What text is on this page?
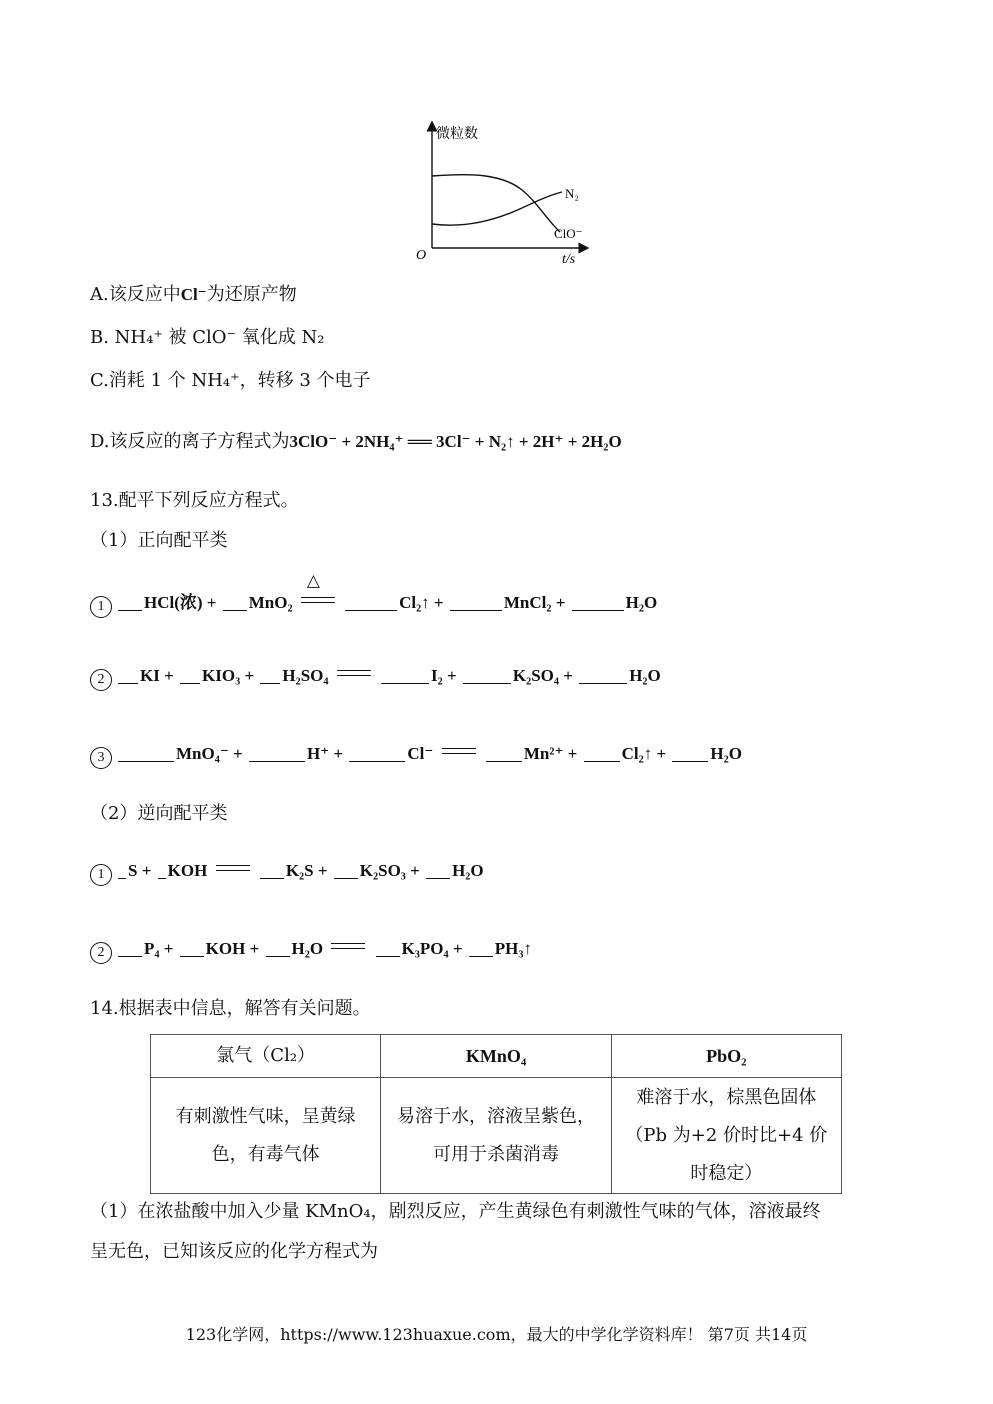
微粒数
O	t/s
N₂
ClO⁻
A.该反应中Cl⁻为还原产物
B. NH₄⁺ 被 ClO⁻ 氧化成 N₂
C.消耗 1 个 NH₄⁺，转移 3 个电子
D.该反应的离子方程式为3ClO⁻ + 2NH₄⁺ ══ 3Cl⁻ + N₂↑ + 2H⁺ + 2H₂O
13.配平下列反应方程式。
（1）正向配平类
1 HCl(浓) + MnO₂
△
Cl₂↑ +	MnCl₂ +	H₂O
2 KI + KIO₃ + H₂SO₄	I₂ +	K₂SO₄ +	H₂O
3	MnO₄⁻ +	H⁺ +	Cl⁻	Mn²⁺ +	Cl₂↑ +	H₂O
（2）逆向配平类
1 S + KOH	K₂S + K₂SO₃ + H₂O
2 P₄ + KOH + H₂O	K₃PO₄ + PH₃↑
14.根据表中信息，解答有关问题。
氯气（Cl₂）	KMnO₄	PbO₂
有刺激性气味，呈黄绿色，有毒气体	易溶于水，溶液呈紫色，可用于杀菌消毒	难溶于水，棕黑色固体（Pb 为+2 价时比+4 价时稳定）
（1）在浓盐酸中加入少量 KMnO₄，剧烈反应，产生黄绿色有刺激性气味的气体，溶液最终
呈无色，已知该反应的化学方程式为
123化学网，https://www.123huaxue.com，最大的中学化学资料库！ 第7页 共14页
